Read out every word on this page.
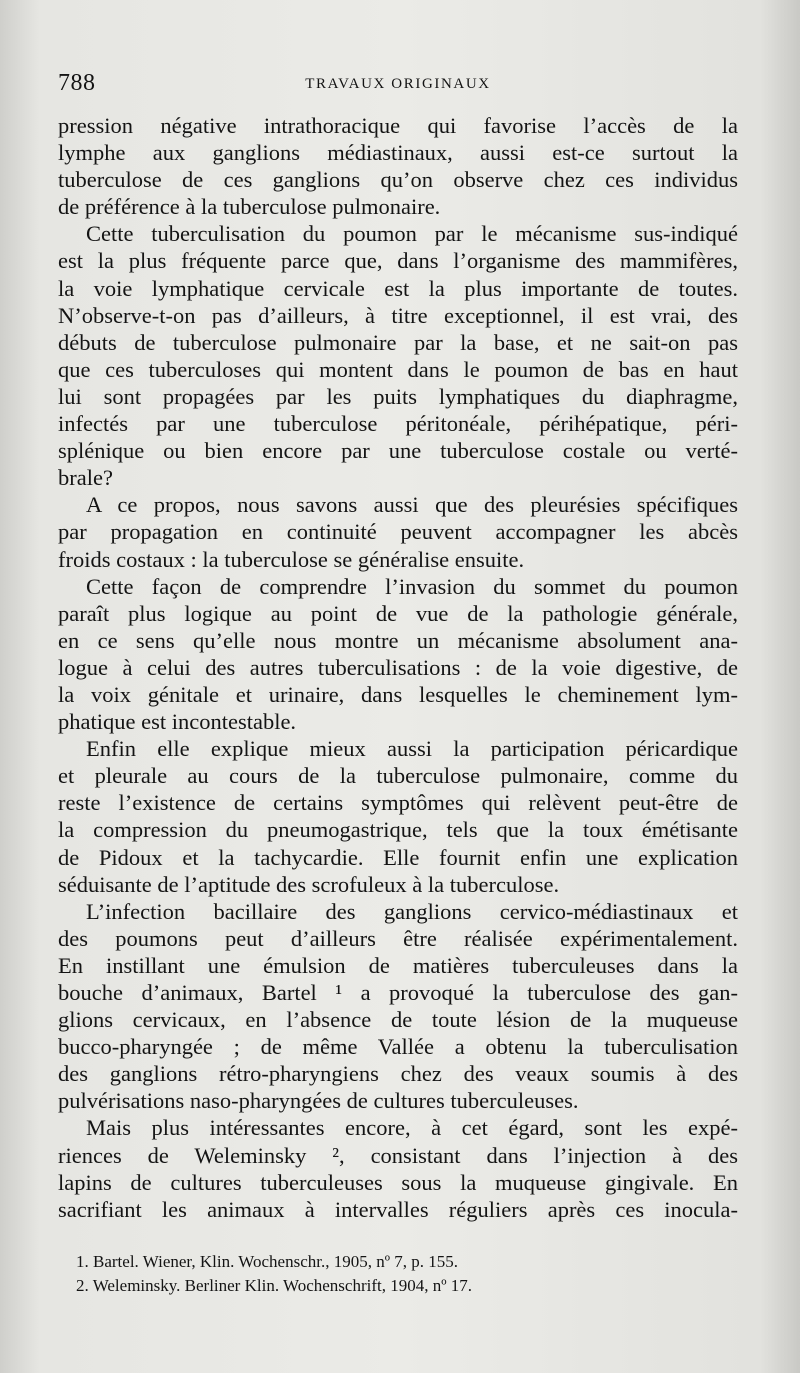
788	TRAVAUX ORIGINAUX
pression négative intrathoracique qui favorise l’accès de la
lymphe aux ganglions médiastinaux, aussi est-ce surtout la
tuberculose de ces ganglions qu’on observe chez ces individus
de préférence à la tuberculose pulmonaire.
Cette tuberculisation du poumon par le mécanisme sus-indiqué
est la plus fréquente parce que, dans l’organisme des mammifères,
la voie lymphatique cervicale est la plus importante de toutes.
N’observe-t-on pas d’ailleurs, à titre exceptionnel, il est vrai, des
débuts de tuberculose pulmonaire par la base, et ne sait-on pas
que ces tuberculoses qui montent dans le poumon de bas en haut
lui sont propagées par les puits lymphatiques du diaphragme,
infectés par une tuberculose péritonéale, périhépatique, péri-
splénique ou bien encore par une tuberculose costale ou verté-
brale?
A ce propos, nous savons aussi que des pleurésies spécifiques
par propagation en continuité peuvent accompagner les abcès
froids costaux : la tuberculose se généralise ensuite.
Cette façon de comprendre l’invasion du sommet du poumon
paraît plus logique au point de vue de la pathologie générale,
en ce sens qu’elle nous montre un mécanisme absolument ana-
logue à celui des autres tuberculisations : de la voie digestive, de
la voix génitale et urinaire, dans lesquelles le cheminement lym-
phatique est incontestable.
Enfin elle explique mieux aussi la participation péricardique
et pleurale au cours de la tuberculose pulmonaire, comme du
reste l’existence de certains symptômes qui relèvent peut-être de
la compression du pneumogastrique, tels que la toux émétisante
de Pidoux et la tachycardie. Elle fournit enfin une explication
séduisante de l’aptitude des scrofuleux à la tuberculose.
L’infection bacillaire des ganglions cervico-médiastinaux et
des poumons peut d’ailleurs être réalisée expérimentalement.
En instillant une émulsion de matières tuberculeuses dans la
bouche d’animaux, Bartel ¹ a provoqué la tuberculose des gan-
glions cervicaux, en l’absence de toute lésion de la muqueuse
bucco-pharyngée ; de même Vallée a obtenu la tuberculisation
des ganglions rétro-pharyngiens chez des veaux soumis à des
pulvérisations naso-pharyngées de cultures tuberculeuses.
Mais plus intéressantes encore, à cet égard, sont les expé-
riences de Weleminsky ², consistant dans l’injection à des
lapins de cultures tuberculeuses sous la muqueuse gingivale. En
sacrifiant les animaux à intervalles réguliers après ces inocula-
1. Bartel. Wiener, Klin. Wochenschr., 1905, nº 7, p. 155.
2. Weleminsky. Berliner Klin. Wochenschrift, 1904, nº 17.
